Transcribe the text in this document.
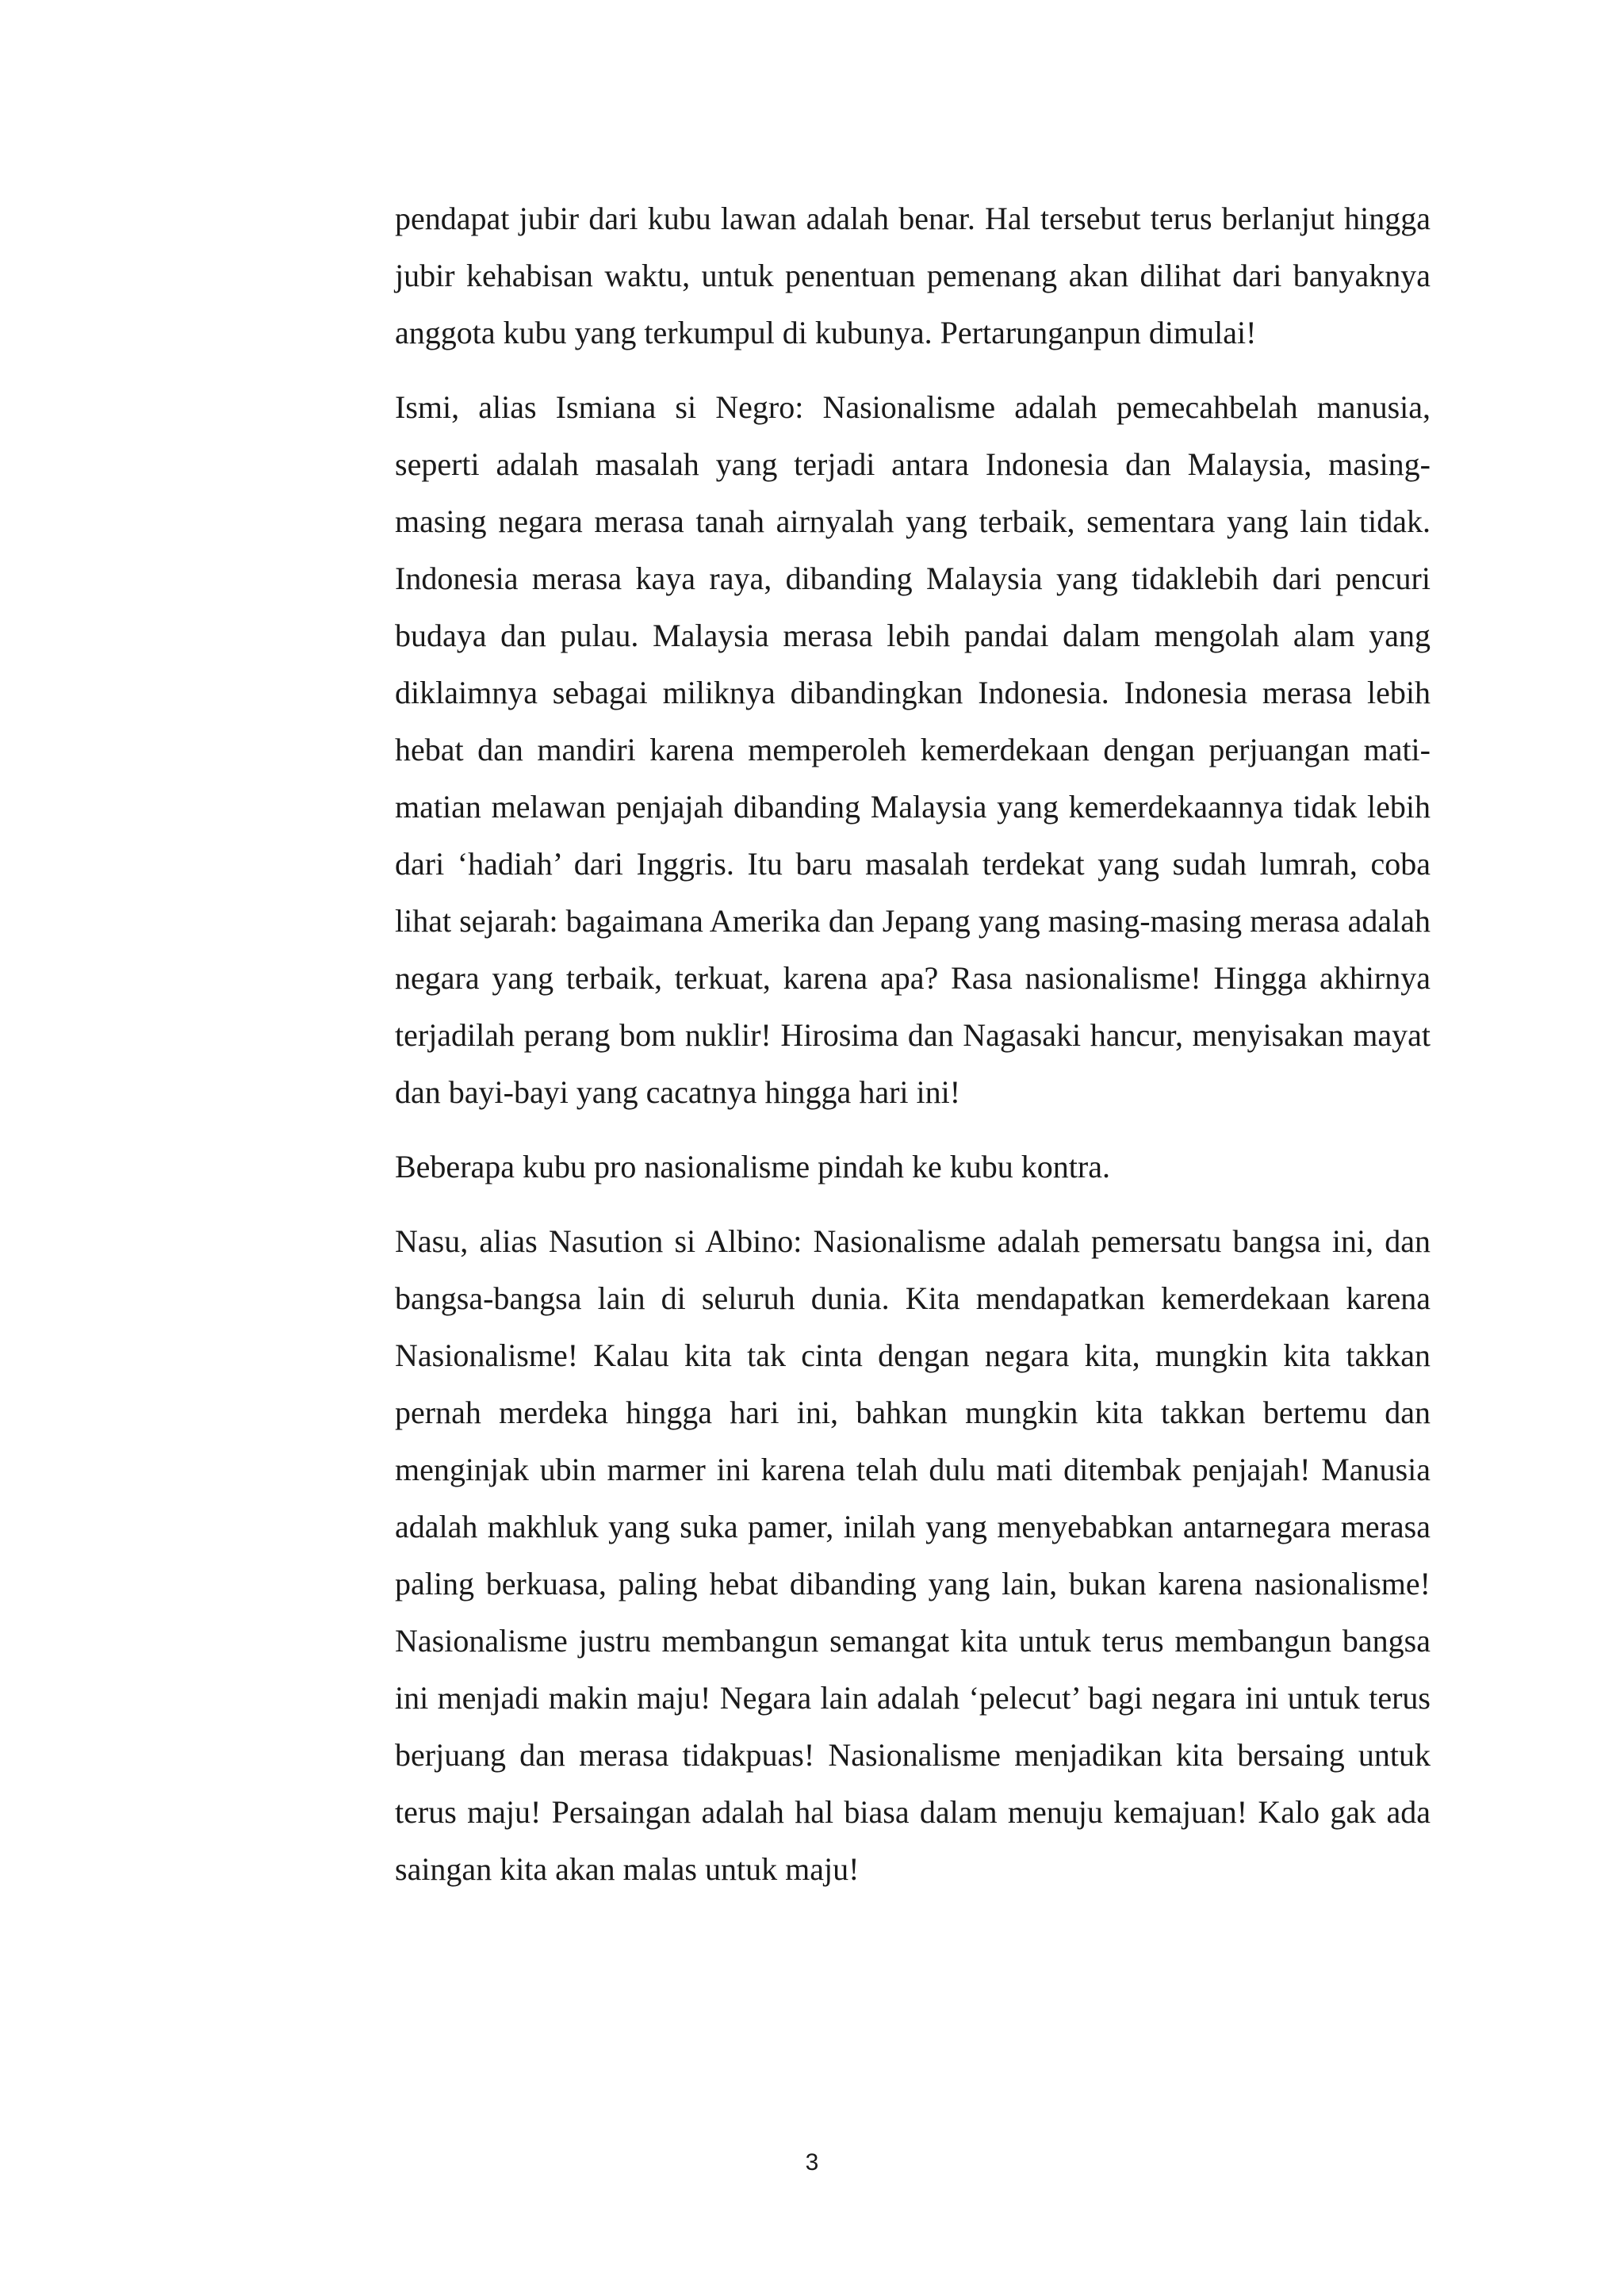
pendapat jubir dari kubu lawan adalah benar. Hal tersebut terus berlanjut hingga jubir kehabisan waktu, untuk penentuan pemenang akan dilihat dari banyaknya anggota kubu yang terkumpul di kubunya. Pertarunganpun dimulai!

Ismi, alias Ismiana si Negro: Nasionalisme adalah pemecahbelah manusia, seperti adalah masalah yang terjadi antara Indonesia dan Malaysia, masing-masing negara merasa tanah airnyalah yang terbaik, sementara yang lain tidak. Indonesia merasa kaya raya, dibanding Malaysia yang tidaklebih dari pencuri budaya dan pulau. Malaysia merasa lebih pandai dalam mengolah alam yang diklaimnya sebagai miliknya dibandingkan Indonesia. Indonesia merasa lebih hebat dan mandiri karena memperoleh kemerdekaan dengan perjuangan mati-matian melawan penjajah dibanding Malaysia yang kemerdekaannya tidak lebih dari ‘hadiah’ dari Inggris. Itu baru masalah terdekat yang sudah lumrah, coba lihat sejarah: bagaimana Amerika dan Jepang yang masing-masing merasa adalah negara yang terbaik, terkuat, karena apa? Rasa nasionalisme! Hingga akhirnya terjadilah perang bom nuklir! Hirosima dan Nagasaki hancur, menyisakan mayat dan bayi-bayi yang cacatnya hingga hari ini!

Beberapa kubu pro nasionalisme pindah ke kubu kontra.

Nasu, alias Nasution si Albino: Nasionalisme adalah pemersatu bangsa ini, dan bangsa-bangsa lain di seluruh dunia. Kita mendapatkan kemerdekaan karena Nasionalisme! Kalau kita tak cinta dengan negara kita, mungkin kita takkan pernah merdeka hingga hari ini, bahkan mungkin kita takkan bertemu dan menginjak ubin marmer ini karena telah dulu mati ditembak penjajah! Manusia adalah makhluk yang suka pamer, inilah yang menyebabkan antarnegara merasa paling berkuasa, paling hebat dibanding yang lain, bukan karena nasionalisme! Nasionalisme justru membangun semangat kita untuk terus membangun bangsa ini menjadi makin maju! Negara lain adalah ‘pelecut’ bagi negara ini untuk terus berjuang dan merasa tidakpuas! Nasionalisme menjadikan kita bersaing untuk terus maju! Persaingan adalah hal biasa dalam menuju kemajuan! Kalo gak ada saingan kita akan malas untuk maju!

3
